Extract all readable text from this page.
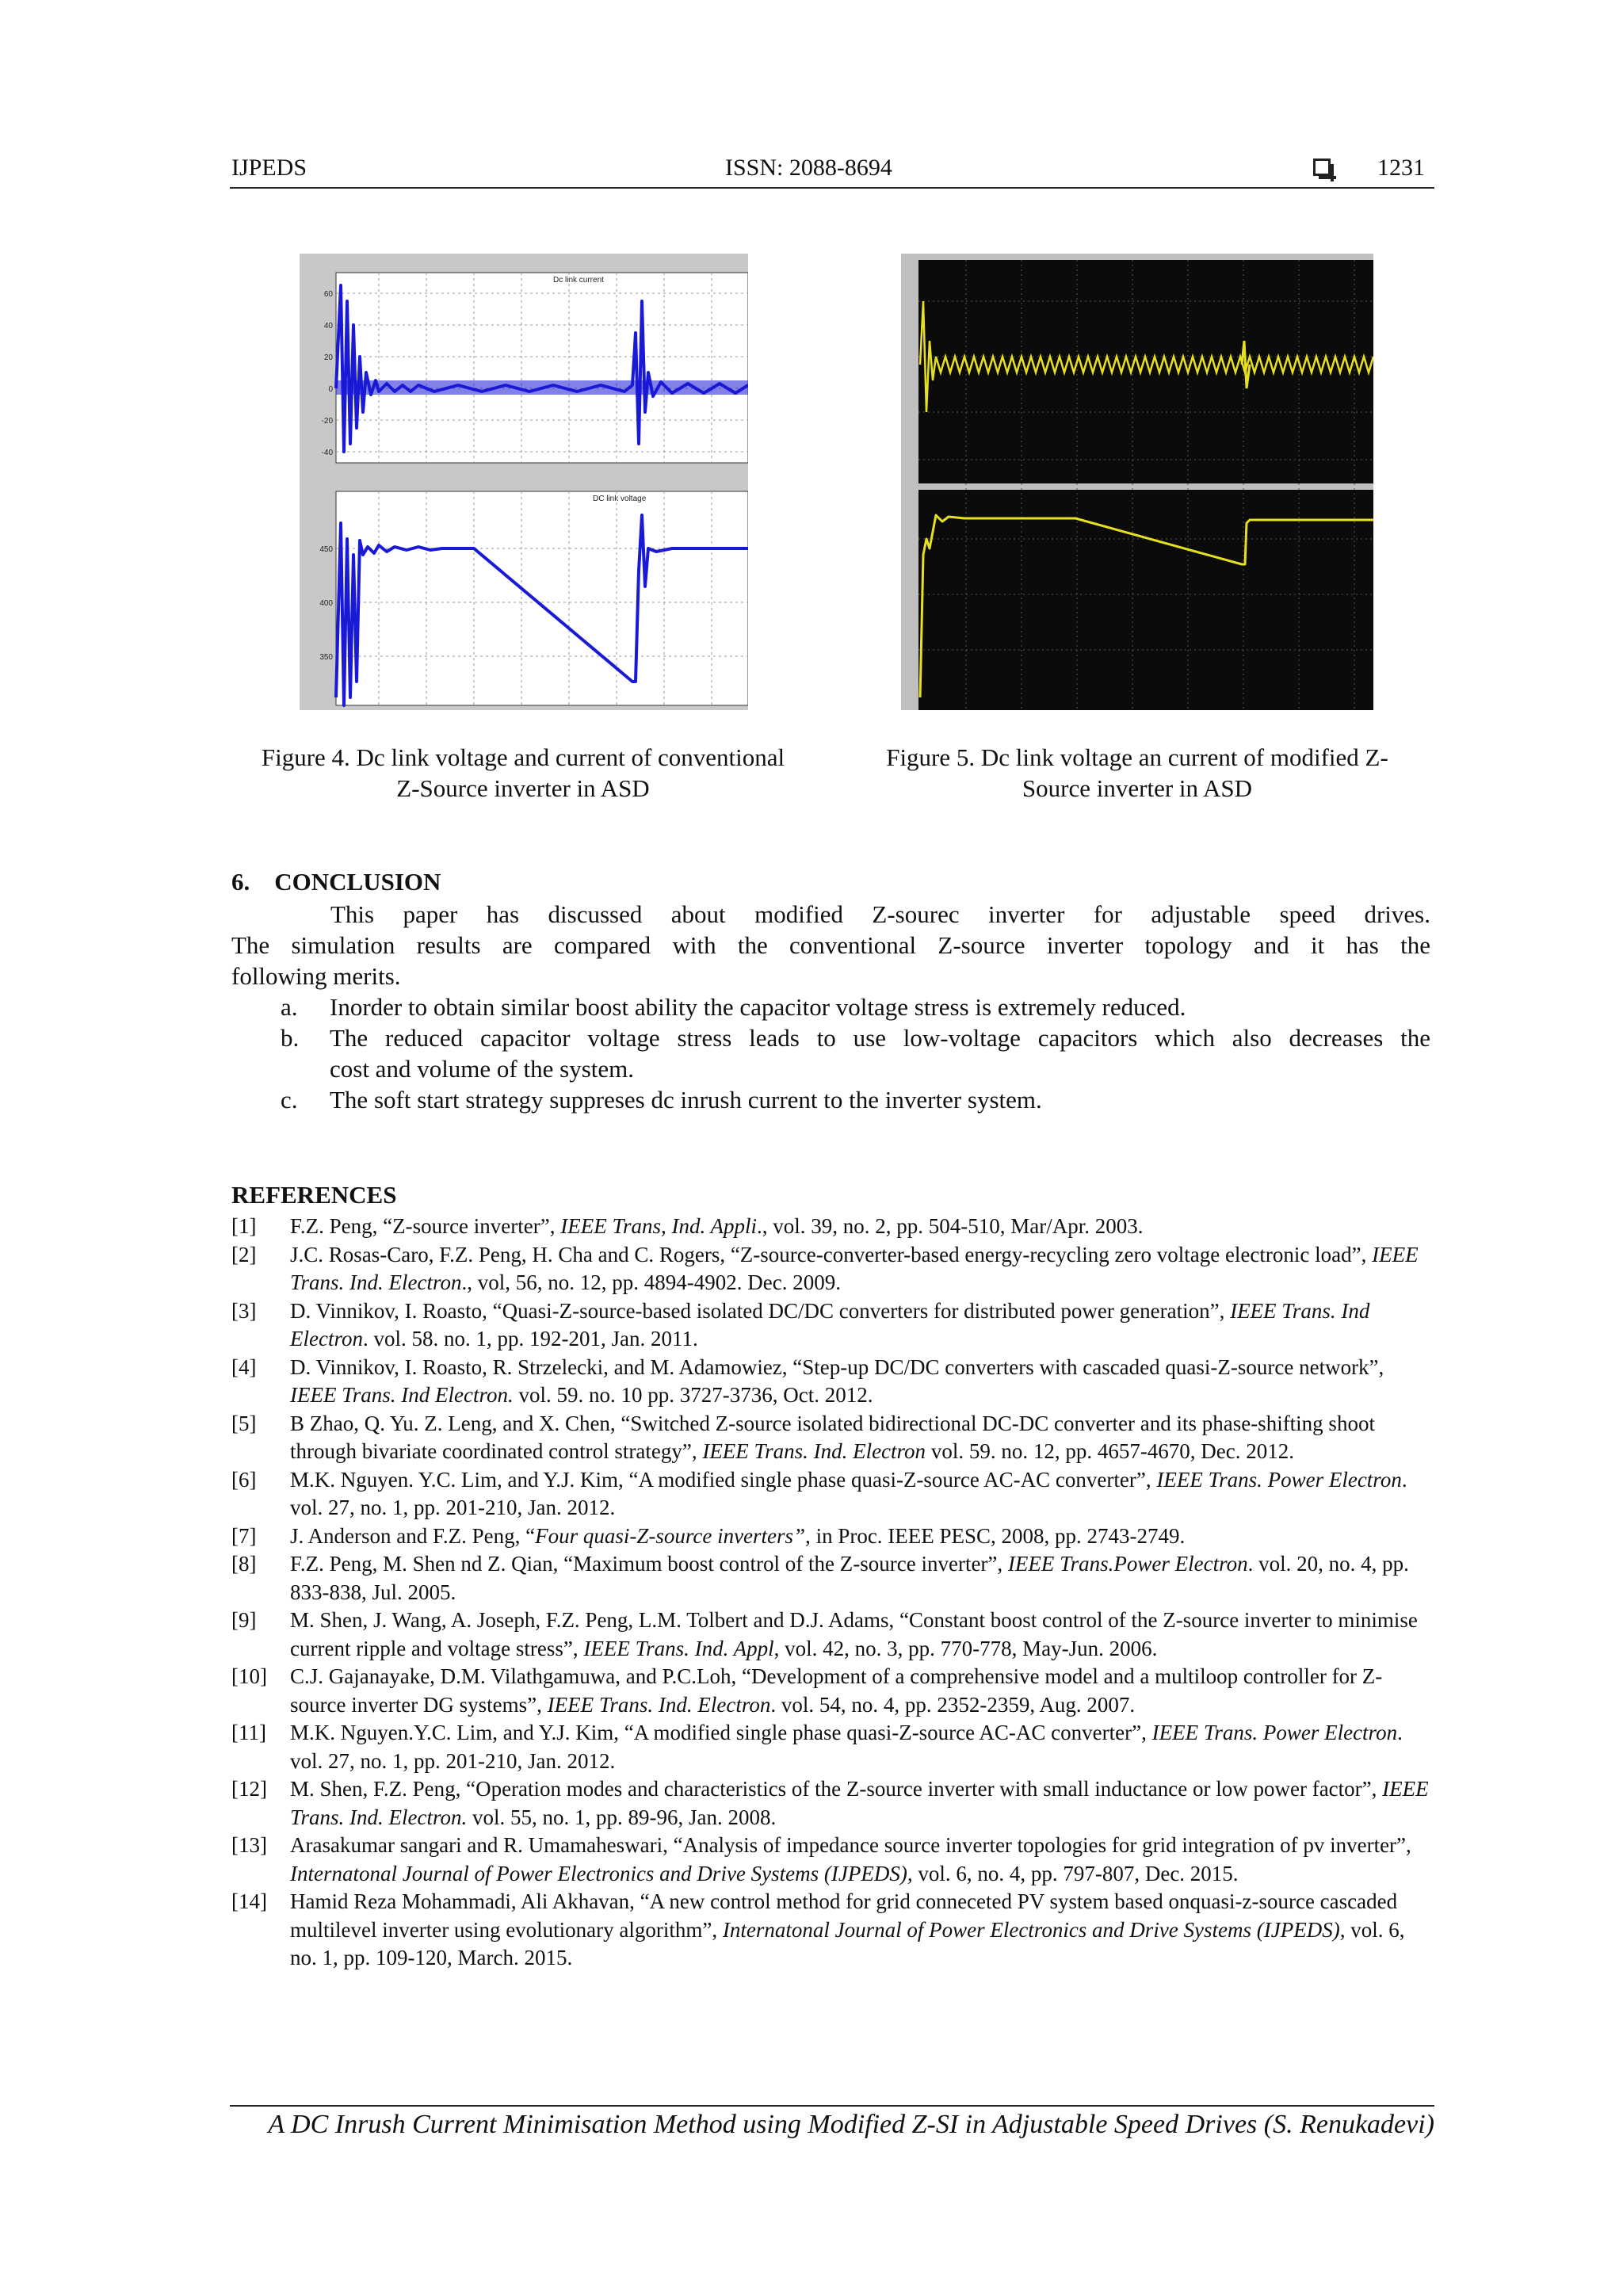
IJPEDS	ISSN: 2088-8694	1231
Dc link current
60
40
20
0
-20
-40
DC link voltage
450
400
350
Figure 4. Dc link voltage and current of conventional
Z-Source inverter in ASD
Figure 5. Dc link voltage an current of modified Z-
Source inverter in ASD
6.    CONCLUSION
This paper has discussed about modified Z-sourec inverter for adjustable speed drives.
The simulation results are compared with the conventional Z-source inverter topology and it has the
following merits.
a. Inorder to obtain similar boost ability the capacitor voltage stress is extremely reduced.
b. The reduced capacitor voltage stress leads to use low-voltage capacitors which also decreases the
cost and volume of the system.
c. The soft start strategy suppreses dc inrush current to the inverter system.
REFERENCES
[1]	F.Z. Peng, “Z-source inverter”, IEEE Trans, Ind. Appli., vol. 39, no. 2, pp. 504-510, Mar/Apr. 2003.
[2]	J.C. Rosas-Caro, F.Z. Peng, H. Cha and C. Rogers, “Z-source-converter-based energy-recycling zero voltage electronic load”, IEEE Trans. Ind. Electron., vol, 56, no. 12, pp. 4894-4902. Dec. 2009.
[3]	D. Vinnikov, I. Roasto, “Quasi-Z-source-based isolated DC/DC converters for distributed power generation”, IEEE Trans. Ind Electron. vol. 58. no. 1, pp. 192-201, Jan. 2011.
[4]	D. Vinnikov, I. Roasto, R. Strzelecki, and M. Adamowiez, “Step-up DC/DC converters with cascaded quasi-Z-source network”, IEEE Trans. Ind Electron. vol. 59. no. 10 pp. 3727-3736, Oct. 2012.
[5]	B Zhao, Q. Yu. Z. Leng, and X. Chen, “Switched Z-source isolated bidirectional DC-DC converter and its phase-shifting shoot through bivariate coordinated control strategy”, IEEE Trans. Ind. Electron vol. 59. no. 12, pp. 4657-4670, Dec. 2012.
[6]	M.K. Nguyen. Y.C. Lim, and Y.J. Kim, “A modified single phase quasi-Z-source AC-AC converter”, IEEE Trans. Power Electron. vol. 27, no. 1, pp. 201-210, Jan. 2012.
[7]	J. Anderson and F.Z. Peng, “Four quasi-Z-source inverters”, in Proc. IEEE PESC, 2008, pp. 2743-2749.
[8]	F.Z. Peng, M. Shen nd Z. Qian, “Maximum boost control of the Z-source inverter”, IEEE Trans.Power Electron. vol. 20, no. 4, pp. 833-838, Jul. 2005.
[9]	M. Shen, J. Wang, A. Joseph, F.Z. Peng, L.M. Tolbert and D.J. Adams, “Constant boost control of the Z-source inverter to minimise current ripple and voltage stress”, IEEE Trans. Ind. Appl, vol. 42, no. 3, pp. 770-778, May-Jun. 2006.
[10]	C.J. Gajanayake, D.M. Vilathgamuwa, and P.C.Loh, “Development of a comprehensive model and a multiloop controller for Z-source inverter DG systems”, IEEE Trans. Ind. Electron. vol. 54, no. 4, pp. 2352-2359, Aug. 2007.
[11]	M.K. Nguyen.Y.C. Lim, and Y.J. Kim, “A modified single phase quasi-Z-source AC-AC converter”, IEEE Trans. Power Electron. vol. 27, no. 1, pp. 201-210, Jan. 2012.
[12]	M. Shen, F.Z. Peng, “Operation modes and characteristics of the Z-source inverter with small inductance or low power factor”, IEEE Trans. Ind. Electron. vol. 55, no. 1, pp. 89-96, Jan. 2008.
[13]	Arasakumar sangari and R. Umamaheswari, “Analysis of impedance source inverter topologies for grid integration of pv inverter”, Internatonal Journal of Power Electronics and Drive Systems (IJPEDS), vol. 6, no. 4, pp. 797-807, Dec. 2015.
[14]	Hamid Reza Mohammadi, Ali Akhavan, “A new control method for grid conneceted PV system based onquasi-z-source cascaded multilevel inverter using evolutionary algorithm”, Internatonal Journal of Power Electronics and Drive Systems (IJPEDS), vol. 6, no. 1, pp. 109-120, March. 2015.
A DC Inrush Current Minimisation Method using Modified Z-SI in Adjustable Speed Drives (S. Renukadevi)
